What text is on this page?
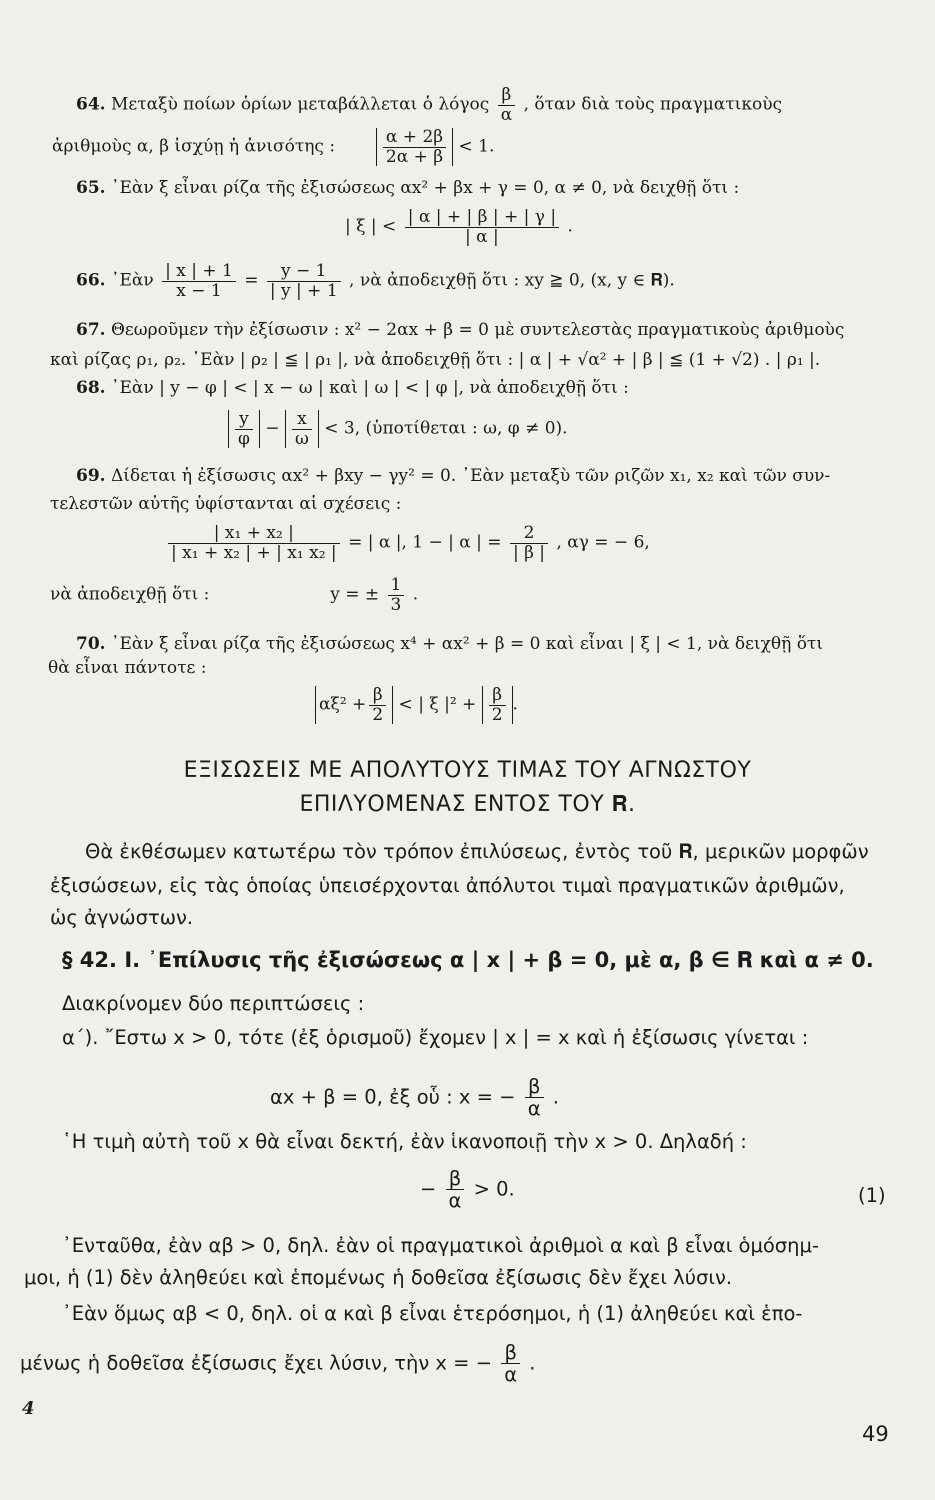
64. Μεταξὺ ποίων ὁρίων μεταβάλλεται ὁ λόγος $\frac{\beta}{\alpha}$ , ὅταν διὰ τοὺς πραγματικοὺς
ἀριθμοὺς α, β ἰσχύῃ ἡ ἀνισότης :	$\frac{\alpha + 2\beta}{2\alpha + \beta} < 1$.
65. ᾿Εὰν ξ εἶναι ρίζα τῆς ἐξισώσεως αx² + βx + γ = 0, α ≠ 0, νὰ δειχθῇ ὅτι :
| ξ | < $\frac{| \alpha | + | \beta | + | \gamma |}{| \alpha |}$ .
66. ᾿Εὰν $\frac{| x | + 1}{x - 1} = \frac{y - 1}{| y | + 1}$ , νὰ ἀποδειχθῇ ὅτι : xy ≧ 0, (x, y ∈ 𝐑).
67. Θεωροῦμεν τὴν ἐξίσωσιν : x² − 2αx + β = 0 μὲ συντελεστὰς πραγματικοὺς ἀριθμοὺς
καὶ ρίζας ρ₁, ρ₂. ᾿Εὰν | ρ₂ | ≦ | ρ₁ |, νὰ ἀποδειχθῇ ὅτι : | α | + √α² + | β | ≦ (1 + √2) . | ρ₁ |.
68. ᾿Εὰν | y − φ | < | x − ω | καὶ | ω | < | φ |, νὰ ἀποδειχθῇ ὅτι :
$\frac{y}{\varphi} - \frac{x}{\omega} < 3$, (ὑποτίθεται : ω, φ ≠ 0).
69. Δίδεται ἡ ἐξίσωσις αx² + βxy − γy² = 0. ᾿Εὰν μεταξὺ τῶν ριζῶν x₁, x₂ καὶ τῶν συν-
τελεστῶν αὐτῆς ὑφίστανται αἱ σχέσεις :
$\frac{\text{| x₁ + x₂ |}}{\text{| x₁ + x₂ | + | x₁ x₂ |}}$ = | α |, 1 − | α | = $\frac{2}{| \beta |}$ , αγ = − 6,
νὰ ἀποδειχθῇ ὅτι :	y = ± $\frac{1}{3}$ .
70. ᾿Εὰν ξ εἶναι ρίζα τῆς ἐξισώσεως x⁴ + αx² + β = 0 καὶ εἶναι | ξ | < 1, νὰ δειχθῇ ὅτι
θὰ εἶναι πάντοτε :
$\alpha\xi^2 + \frac{\beta}{2}$ < | ξ $|^2 + \frac{\beta}{2}$ .
ΕΞΙΣΩΣΕΙΣ ΜΕ ΑΠΟΛΥΤΟΥΣ ΤΙΜΑΣ ΤΟΥ ΑΓΝΩΣΤΟΥ
ΕΠΙΛΥΟΜΕΝΑΣ ΕΝΤΟΣ ΤΟΥ 𝐑.
Θὰ ἐκθέσωμεν κατωτέρω τὸν τρόπον ἐπιλύσεως, ἐντὸς τοῦ 𝐑, μερικῶν μορφῶν
ἐξισώσεων, εἰς τὰς ὁποίας ὑπεισέρχονται ἀπόλυτοι τιμαὶ πραγματικῶν ἀριθμῶν,
ὡς ἀγνώστων.
§ 42. I. ᾿Επίλυσις τῆς ἐξισώσεως α | x | + β = 0, μὲ α, β ∈ 𝐑 καὶ α ≠ 0.
Διακρίνομεν δύο περιπτώσεις :
α΄). ῎Εστω x > 0, τότε (ἐξ ὁρισμοῦ) ἔχομεν | x | = x καὶ ἡ ἐξίσωσις γίνεται :
αx + β = 0, ἐξ οὗ : x = − $\frac{\beta}{\alpha}$ .
῾Η τιμὴ αὐτὴ τοῦ x θὰ εἶναι δεκτή, ἐὰν ἱκανοποιῇ τὴν x > 0. Δηλαδή :
− $\frac{\beta}{\alpha} > 0$.	(1)
᾿Ενταῦθα, ἐὰν αβ > 0, δηλ. ἐὰν οἱ πραγματικοὶ ἀριθμοὶ α καὶ β εἶναι ὁμόσημ-
μοι, ἡ (1) δὲν ἀληθεύει καὶ ἑπομένως ἡ δοθεῖσα ἐξίσωσις δὲν ἔχει λύσιν.
᾿Εὰν ὅμως αβ < 0, δηλ. οἱ α καὶ β εἶναι ἑτερόσημοι, ἡ (1) ἀληθεύει καὶ ἑπο-
μένως ἡ δοθεῖσα ἐξίσωσις ἔχει λύσιν, τὴν x = − $\frac{\beta}{\alpha}$ .
4
49
